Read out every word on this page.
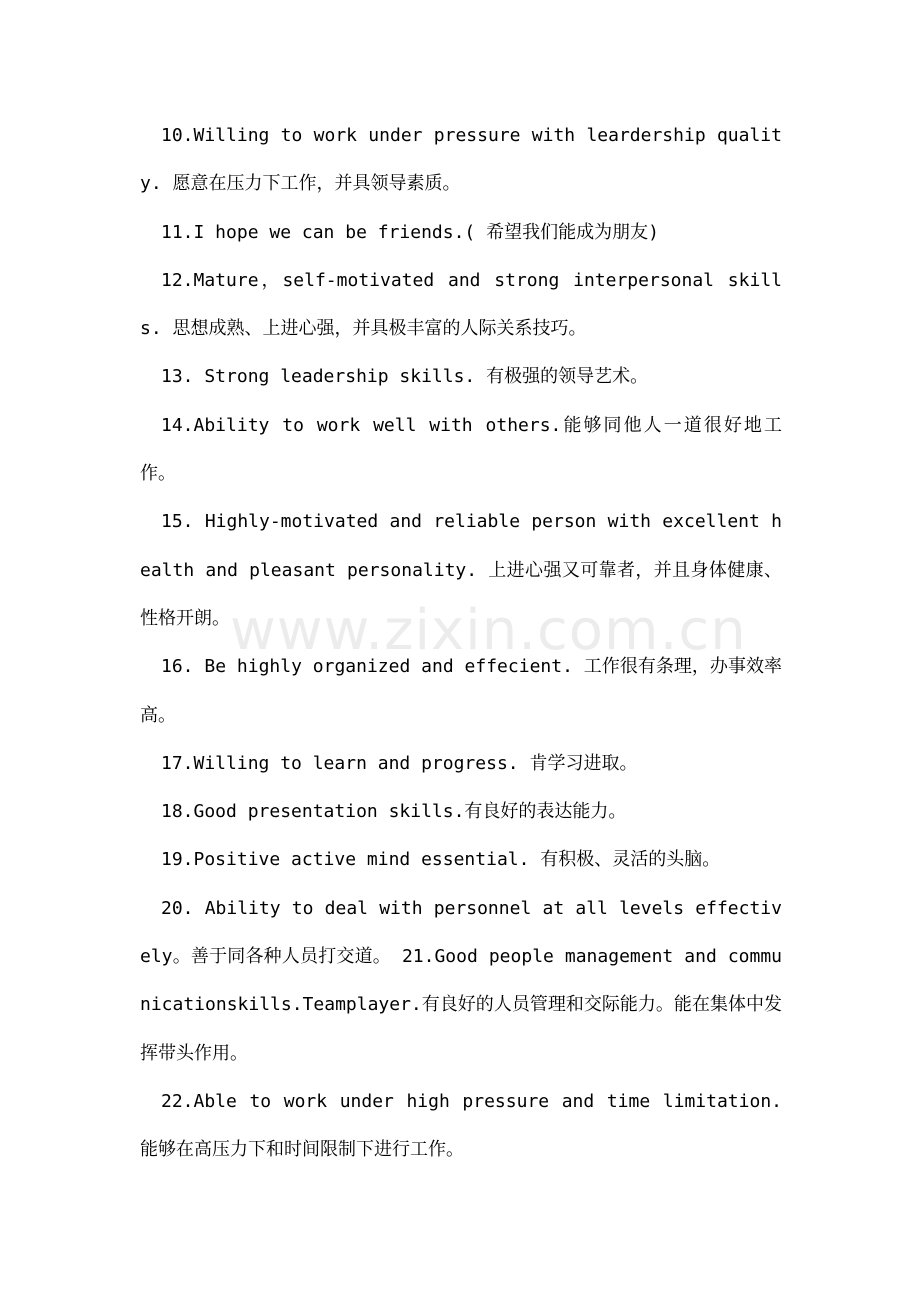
10.Willing to work under pressure with leardership quality. 愿意在压力下工作，并具领导素质。

11.I hope we can be friends.( 希望我们能成为朋友)

12.Mature，self-motivated and strong interpersonal skills. 思想成熟、上进心强，并具极丰富的人际关系技巧。

13. Strong leadership skills. 有极强的领导艺术。

14.Ability to work well with others.能够同他人一道很好地工作。

15. Highly-motivated and reliable person with excellent health and pleasant personality. 上进心强又可靠者，并且身体健康、性格开朗。

16. Be highly organized and effecient. 工作很有条理，办事效率高。

17.Willing to learn and progress. 肯学习进取。

18.Good presentation skills.有良好的表达能力。

19.Positive active mind essential. 有积极、灵活的头脑。

20. Ability to deal with personnel at all levels effectively。善于同各种人员打交道。 21.Good people management and communicationskills.Teamplayer.有良好的人员管理和交际能力。能在集体中发挥带头作用。

22.Able to work under high pressure and time limitation. 能够在高压力下和时间限制下进行工作。

www.zixin.com.cn
